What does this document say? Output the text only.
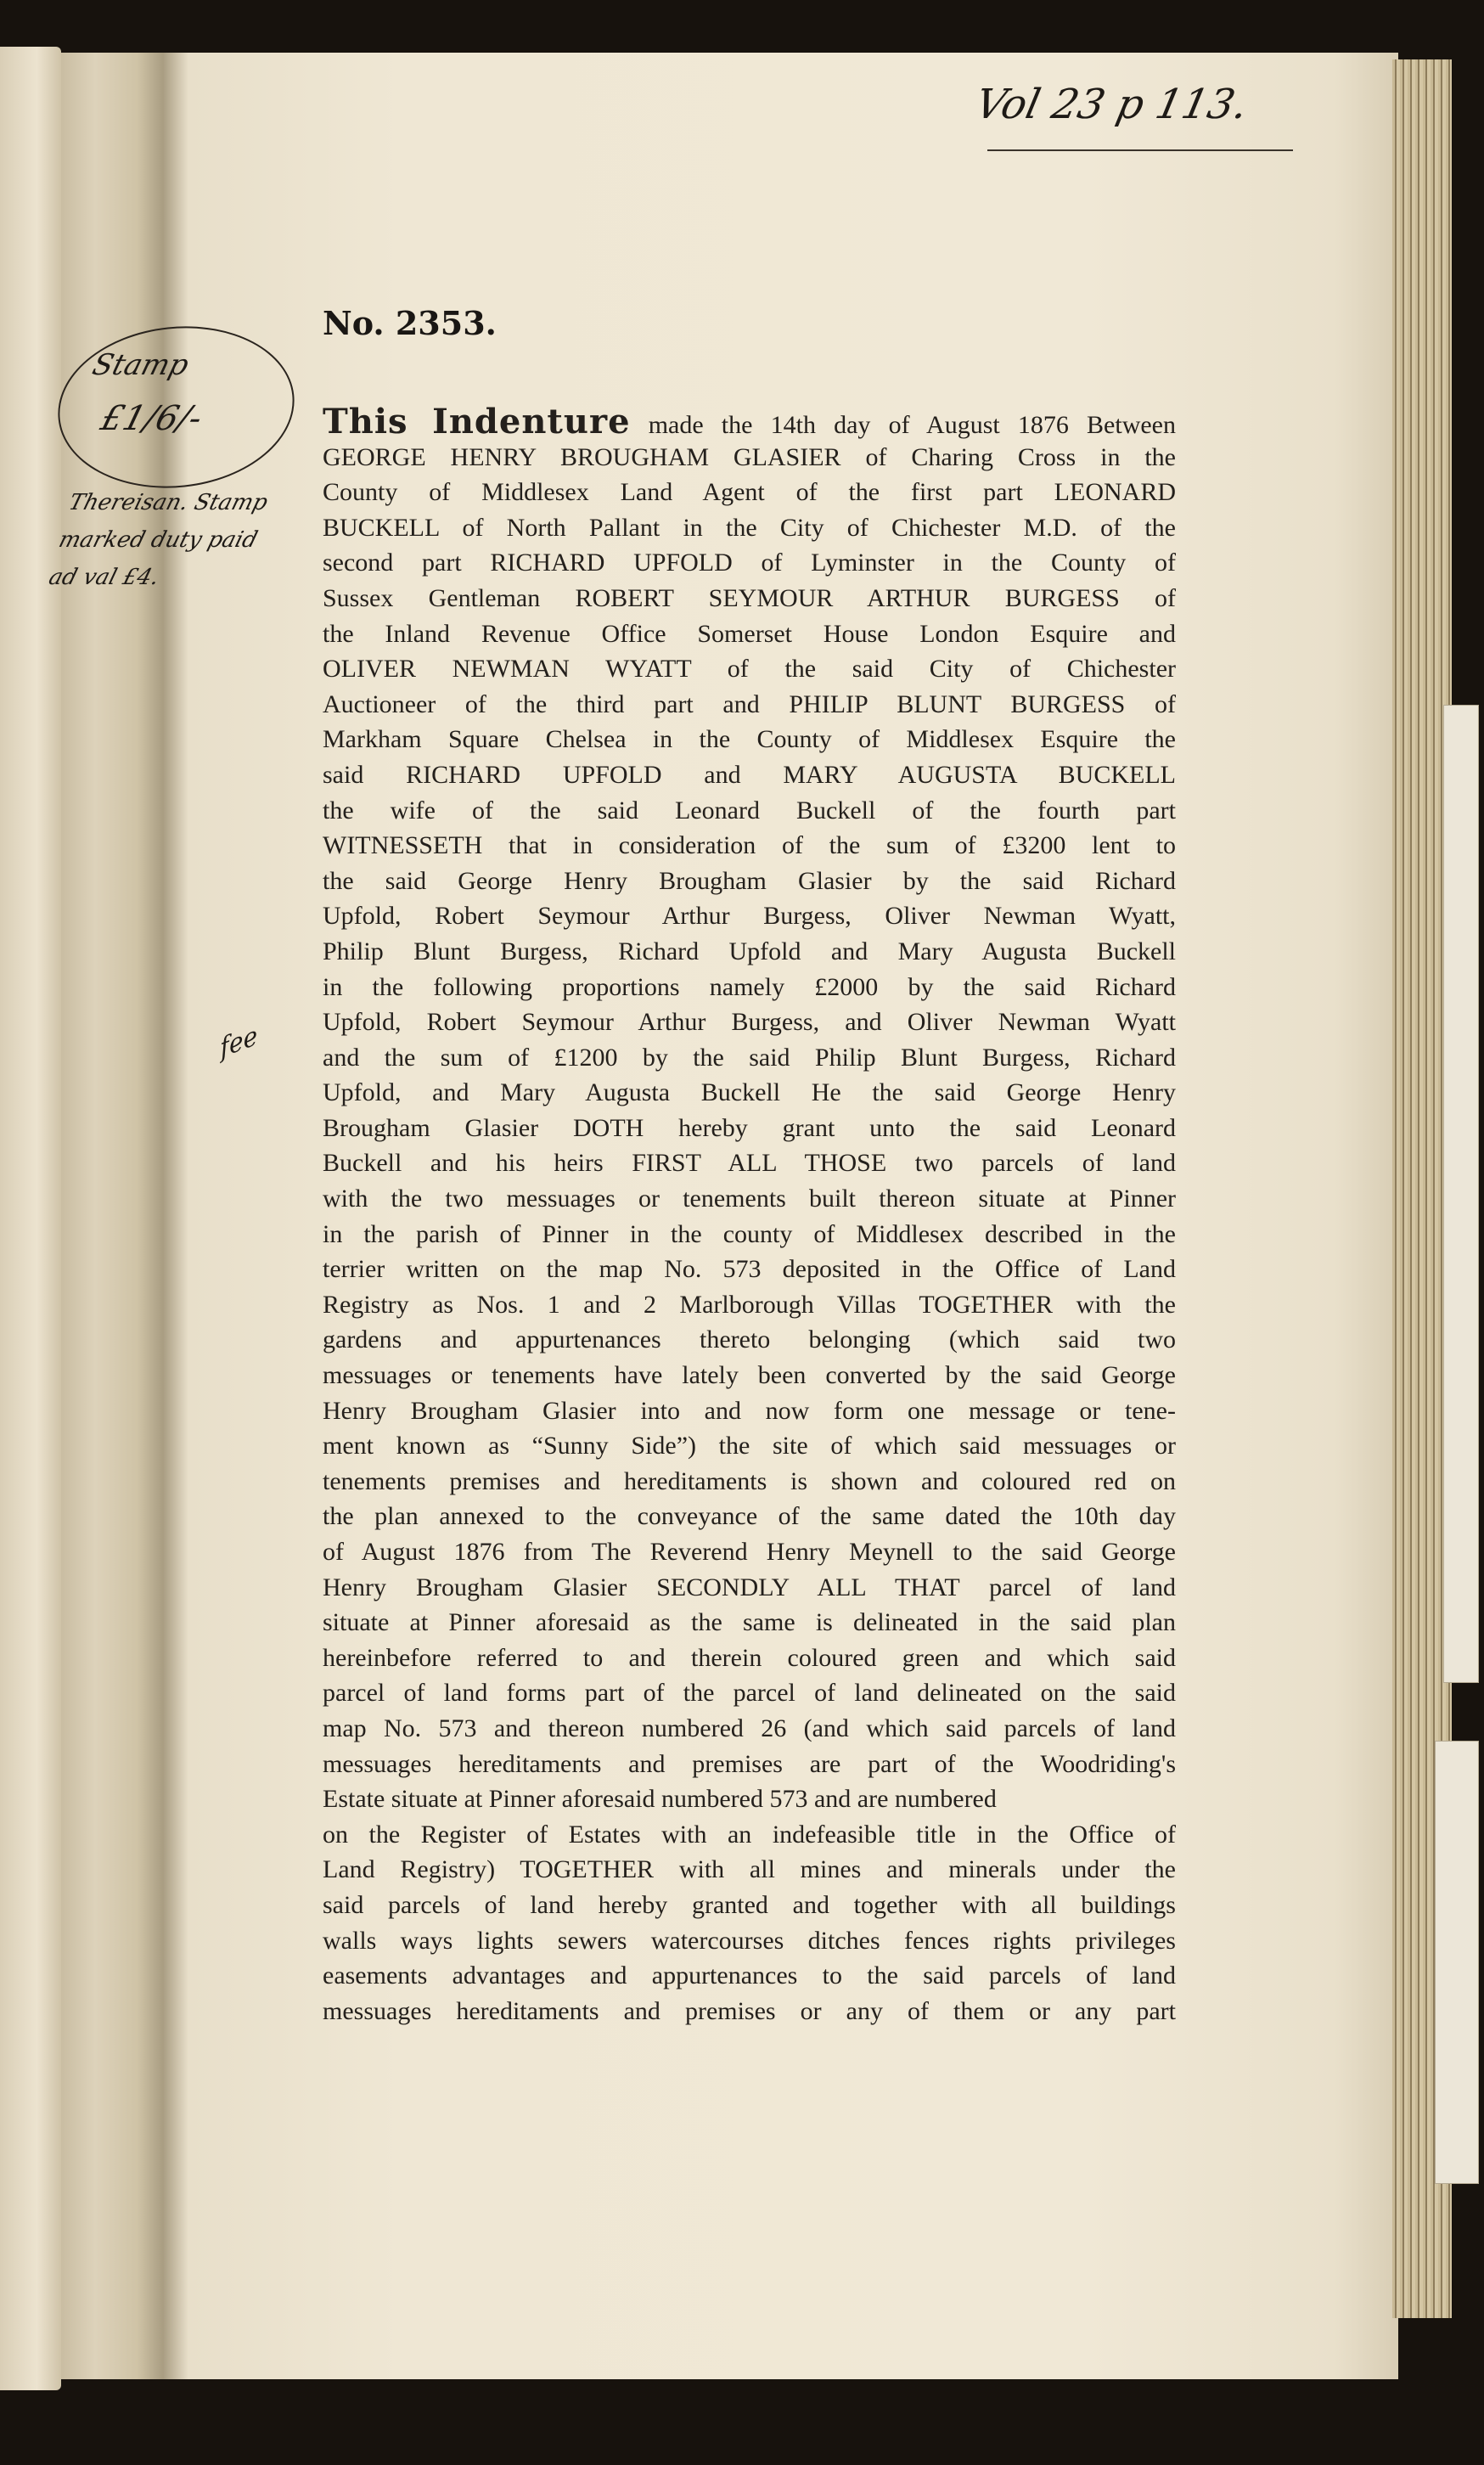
Vol 23 p 113.
No. 2353.
Stamp
£1/6/-
Thereisan. Stamp
marked duty paid
ad val £4.
fee
This Indenture made the 14th day of August 1876 Between
GEORGE HENRY BROUGHAM GLASIER of Charing Cross in the
County of Middlesex Land Agent of the first part LEONARD
BUCKELL of North Pallant in the City of Chichester M.D. of the
second part RICHARD UPFOLD of Lyminster in the County of
Sussex Gentleman ROBERT SEYMOUR ARTHUR BURGESS of
the Inland Revenue Office Somerset House London Esquire and
OLIVER NEWMAN WYATT of the said City of Chichester
Auctioneer of the third part and PHILIP BLUNT BURGESS of
Markham Square Chelsea in the County of Middlesex Esquire the
said RICHARD UPFOLD and MARY AUGUSTA BUCKELL
the wife of the said Leonard Buckell of the fourth part
WITNESSETH that in consideration of the sum of £3200 lent to
the said George Henry Brougham Glasier by the said Richard
Upfold, Robert Seymour Arthur Burgess, Oliver Newman Wyatt,
Philip Blunt Burgess, Richard Upfold and Mary Augusta Buckell
in the following proportions namely £2000 by the said Richard
Upfold, Robert Seymour Arthur Burgess, and Oliver Newman Wyatt
and the sum of £1200 by the said Philip Blunt Burgess, Richard
Upfold, and Mary Augusta Buckell He the said George Henry
Brougham Glasier DOTH hereby grant unto the said Leonard
Buckell and his heirs FIRST ALL THOSE two parcels of land
with the two messuages or tenements built thereon situate at Pinner
in the parish of Pinner in the county of Middlesex described in the
terrier written on the map No. 573 deposited in the Office of Land
Registry as Nos. 1 and 2 Marlborough Villas TOGETHER with the
gardens and appurtenances thereto belonging (which said two
messuages or tenements have lately been converted by the said George
Henry Brougham Glasier into and now form one message or tene-
ment known as “Sunny Side”) the site of which said messuages or
tenements premises and hereditaments is shown and coloured red on
the plan annexed to the conveyance of the same dated the 10th day
of August 1876 from The Reverend Henry Meynell to the said George
Henry Brougham Glasier SECONDLY ALL THAT parcel of land
situate at Pinner aforesaid as the same is delineated in the said plan
hereinbefore referred to and therein coloured green and which said
parcel of land forms part of the parcel of land delineated on the said
map No. 573 and thereon numbered 26 (and which said parcels of land
messuages hereditaments and premises are part of the Woodriding's
Estate situate at Pinner aforesaid numbered 573 and are numbered
on the Register of Estates with an indefeasible title in the Office of
Land Registry) TOGETHER with all mines and minerals under the
said parcels of land hereby granted and together with all buildings
walls ways lights sewers watercourses ditches fences rights privileges
easements advantages and appurtenances to the said parcels of land
messuages hereditaments and premises or any of them or any part
